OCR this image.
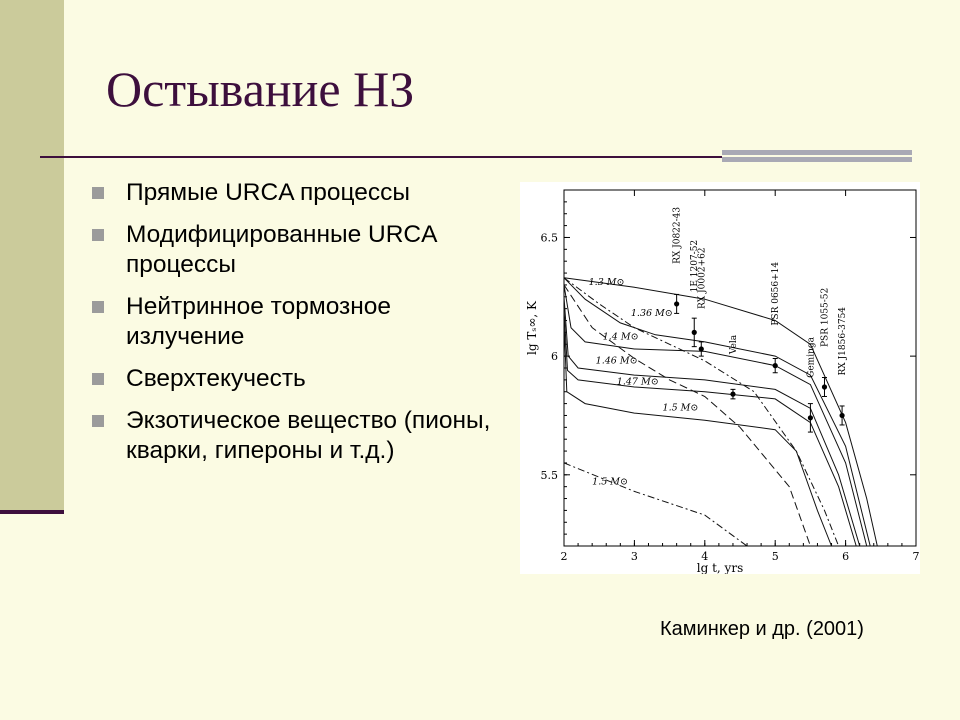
Остывание НЗ
Прямые URCA процессы
Модифицированные URCA процессы
Нейтринное тормозное излучение
Сверхтекучесть
Экзотическое вещество (пионы, кварки, гипероны и т.д.)
2	3	4	5	6	7
5.5
6
6.5
lg t, yrs
lg Tₛ∞, K
1.3 M⊙
1.36 M⊙
1.4 M⊙
1.46 M⊙
1.47 M⊙
1.5 M⊙
1.5 M⊙
RX J0822-43
1E 1207-52
RX J0002+62
Vela
PSR 0656+14
Geminga
PSR 1055-52 RX J1856-3754
Каминкер и др. (2001)
